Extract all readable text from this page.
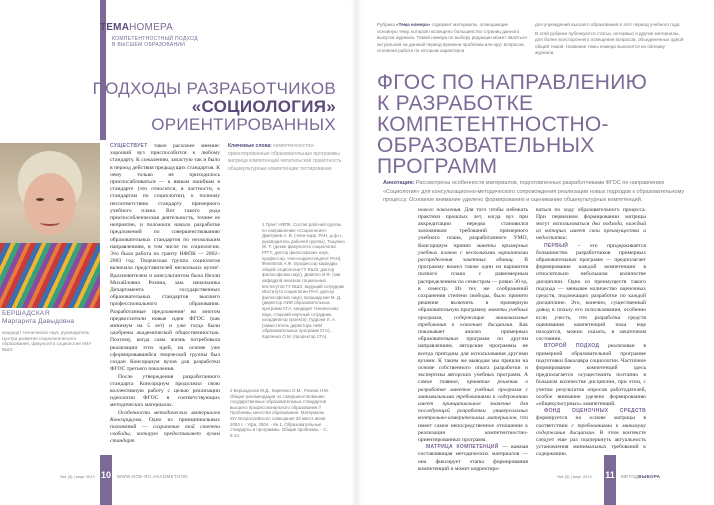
ТЕМАНОМЕРА
КОМПЕТЕНТНОСТНЫЙ ПОДХОД
В ВЫСШЕМ ОБРАЗОВАНИИ
ПОДХОДЫ РАЗРАБОТЧИКОВ
«СОЦИОЛОГИЯ»
ОРИЕНТИРОВАННЫХ
БЕРШАДСКАЯ
Маргарита Давыдовна
кандидат технических наук, руководитель Центра развития социологического образования, факультета социологии НИУ ВШЭ
СУЩЕСТВУЕТ такое расхожее мнение: хороший вуз приспособится к любому стандарту. К сожалению, зачастую так и было в период действия предыдущих стандартов. К чему только не приходилось приспосабливаться — к явным ошибкам в стандарте (это относится, в частности, к стандартам по социологии), к полному несоответствию стандарту примерного учебного плана. Вот такого рода приспособленческая деятельность, точнее ее неприятие, и положили начало разработке предложений по совершенствованию образовательных стандартов по нескольким направлениям, в том числе по социологии. Это была работа по гранту НФПК — 2002–2003 год. Творческая группа социологов включала представителей нескольких вузов¹. Вдохновителем и консультантом была Нелли Михайловна Розина, зам. начальника Департамента государственных образовательных стандартов высшего профессионального образования. Разработанные предложения² во многом предвосхитили новые идеи ФГОС (как минимум на 5 лет) и уже тогда были одобрены академической общественностью. Поэтому, когда сама жизнь потребовала реализации этих идей, на основе уже сформировавшейся творческой группы был создан Консорциум вузов для разработки ФГОС третьего поколения.
После утверждения разработанного стандарта Консорциум продолжил свою коллективную работу с целью реализации идеологии ФГОС в соответствующих методических материалах.
Особенности методических материалов Консорциума. Одно из принципиальных положений — сохранение той степени свободы, которую предоставляет вузам стандарт
Ключевые слова: компетентностно-ориентированные образовательные программы матрица компетенций читательская грамотность общекультурные компетенции тестирование
1 Грант НФПК. Состав рабочей группы по направлению «Социология»: Дмитриев А. В. (член-корр. РАН, д.ф.н., руководитель рабочей группы), Тощенко Ж. Т. (декан факультета социологии РГГУ, доктор философских наук, профессор, член-корреспондент РАН), Филиппов А.Ф. (профессор кафедры общей социологии ГУ ВШЭ, доктор философских наук), Девятко И.Ф. (зав. кафедрой анализа социальных институтов ГУ ВШЭ, ведущий сотрудник Института социологии РАН, доктор философских наук), Бершадская М. Д. (директор НИИ образовательных программ СГА, кандидат технических наук, старший научный сотрудник, координатор проекта), Гудрони Л. А. (заместитель директора НИИ образовательных программ СГА), Карпенко О.М. (проректор СГА).
2 Бершадская М.Д., Карпенко О.М., Розина Н.М. Общие рекомендации по совершенствованию государственных образовательных стандартов высшего профессионального образования // Проблемы качества образования. Материалы XIV Всероссийского совещания 28 мая-2 июня 2004 г. - Уфа, 2004. - Кн.1. Образовательные стандарты и программы. Общие проблемы. - С. 5-13.
№4 (5) | март 2013 10 WWW.NOE-RU.AKADMETHOD
Рубрика «Тема номера» содержит материалы, освещающие основную тему, которой посвящено большинство страниц данного выпуска журнала. Темой номера по выбору редакции может являться актуальная на данный период времени проблема или круг вопросов, основная работа по которым характерна
для учреждений высшего образования в этот период учебного года.
В этой рубрике публикуются статьи, интервью и другие материалы, для более всестороннего освещения вопросов, объединенных одной общей темой. Название темы номера выносится на обложку журнала.
ФГОС ПО НАПРАВЛЕНИЮ
К РАЗРАБОТКЕ КОМПЕТЕНТНОСТНО-
ОБРАЗОВАТЕЛЬНЫХ ПРОГРАММ
Аннотация: Рассмотрены особенности материалов, подготовленных разработчиками ФГОС по направлению «Социология» для консультационно-методического сопровождения реализации новых подходов к образовательному процессу. Основное внимание уделено формированию и оцениванию общекультурных компетенций.
нового поколения. Для того чтобы избежать практики прошлых лет, когда вуз при аккредитации нередко становился заложником требований примерного учебного плана, разработанного УМО, Консорциум принял макеты примерных учебных планов с несколькими вариантами распределения зачетных единиц. В программу вошел также один из вариантов полного плана с равномерным распределением по семестрам — ровно 30 ед. в семестр. Из тех же соображений сохранения степени свободы, было принято решение включить в примерную образовательную программу макеты учебных программ, содержащие минимальные требования к освоению дисциплин. Как показывает анализ примерных образовательных программ по другим направлениям, авторские программы не всегда пригодны для использования другими вузами. К таким же выводам мы пришли на основе собственного опыта разработки и экспертизы авторских учебных программ. А самое главное, принятие решения о разработке макетов учебных программ с минимальными требованиями к содержанию имеет принципиальное значение для последующей разработки универсальных контрольно-измерительных материалов, что имеет самое непосредственное отношение к реализации компетентностно-ориентированных программ.
МАТРИЦА КОМПЕТЕНЦИЙ — важная составляющая методических материалов — она фиксирует этапы формирования компетенций и может корректиро-
ваться по ходу образовательного процесса. При первичном формировании матрицы могут использоваться два подхода, каждый из которых имеет свои преимущества и недостатки:
ПЕРВЫЙ – его придерживается большинство разработчиков примерных образовательных программ — предполагает формирование каждой компетенции в относительно небольшом количестве дисциплин. Одно из преимуществ такого подхода — меньшее количество оценочных средств, подлежащих разработке по каждой дисциплине. Это, конечно, существенный довод в пользу его использования, особенно если учесть, что разработка средств оценивания компетенций пока еще находится, можно сказать, в зачаточном состоянии.
ВТОРОЙ ПОДХОД реализован в примерной образовательной программе подготовки бакалавра социологии. Частичное формирование компетенций здесь предполагается осуществлять поэтапно в большом количестве дисциплин, при этом, с учетом результатов опросов работодателей, особое внимание уделено формированию «общекультурных» компетенций.
ФОНД ОЦЕНОЧНЫХ СРЕДСТВ формируется на основе матрицы в соответствии с требованиями к минимуму содержания дисциплин. В этом контексте следует еще раз подчеркнуть актуальность установления минимальных требований к содержанию.
№4 (5) | март 2013 11 МЕТОДВЫБОРА
